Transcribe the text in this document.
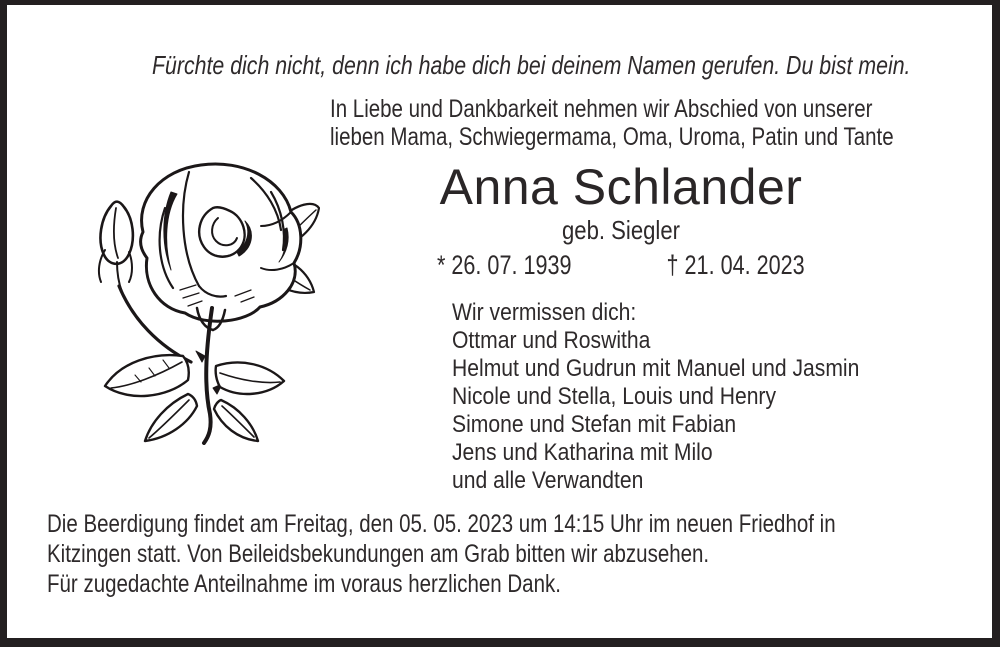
Fürchte dich nicht, denn ich habe dich bei deinem Namen gerufen. Du bist mein.
In Liebe und Dankbarkeit nehmen wir Abschied von unserer
lieben Mama, Schwiegermama, Oma, Uroma, Patin und Tante
Anna Schlander
geb. Siegler
* 26. 07. 1939	† 21. 04. 2023
Wir vermissen dich:
Ottmar und Roswitha
Helmut und Gudrun mit Manuel und Jasmin
Nicole und Stella, Louis und Henry
Simone und Stefan mit Fabian
Jens und Katharina mit Milo
und alle Verwandten
Die Beerdigung findet am Freitag, den 05. 05. 2023 um 14:15 Uhr im neuen Friedhof in
Kitzingen statt. Von Beileidsbekundungen am Grab bitten wir abzusehen.
Für zugedachte Anteilnahme im voraus herzlichen Dank.
